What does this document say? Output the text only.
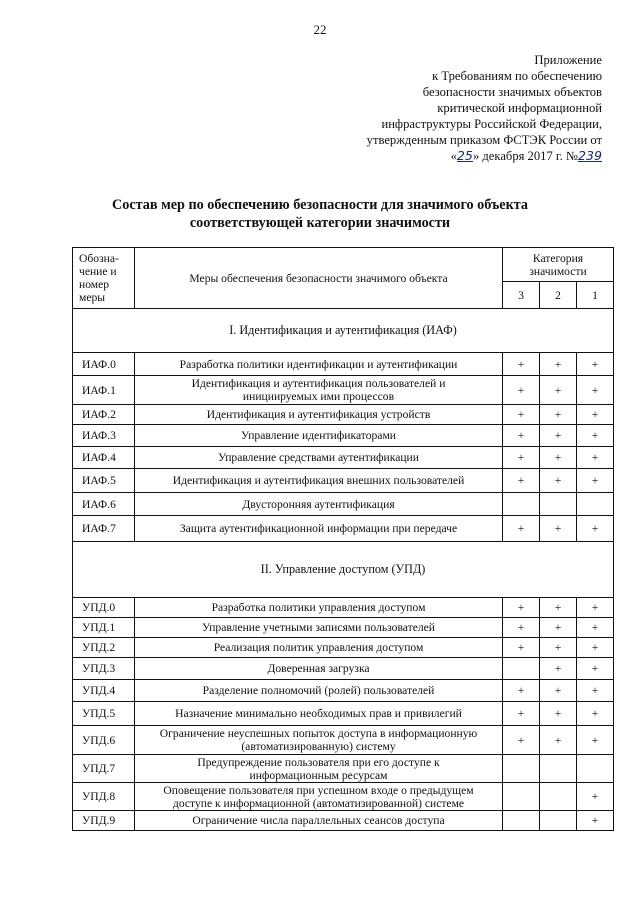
22
Приложение
к Требованиям по обеспечению
безопасности значимых объектов
критической информационной
инфраструктуры Российской Федерации,
утвержденным приказом ФСТЭК России от
«25» декабря 2017 г. №239
Состав мер по обеспечению безопасности для значимого объекта
соответствующей категории значимости
Обозна-
чение и
номер
меры	Меры обеспечения безопасности значимого объекта	Категория значимости		
		3	2	1
I. Идентификация и аутентификация (ИАФ)				
ИАФ.0	Разработка политики идентификации и аутентификации	+	+	+
ИАФ.1	Идентификация и аутентификация пользователей и
инициируемых ими процессов	+	+	+
ИАФ.2	Идентификация и аутентификация устройств	+	+	+
ИАФ.3	Управление идентификаторами	+	+	+
ИАФ.4	Управление средствами аутентификации	+	+	+
ИАФ.5	Идентификация и аутентификация внешних пользователей	+	+	+
ИАФ.6	Двусторонняя аутентификация			
ИАФ.7	Защита аутентификационной информации при передаче	+	+	+
II. Управление доступом (УПД)				
УПД.0	Разработка политики управления доступом	+	+	+
УПД.1	Управление учетными записями пользователей	+	+	+
УПД.2	Реализация политик управления доступом	+	+	+
УПД.3	Доверенная загрузка		+	+
УПД.4	Разделение полномочий (ролей) пользователей	+	+	+
УПД.5	Назначение минимально необходимых прав и привилегий	+	+	+
УПД.6	Ограничение неуспешных попыток доступа в информационную
(автоматизированную) систему	+	+	+
УПД.7	Предупреждение пользователя при его доступе к
информационным ресурсам			

УПД.8	Оповещение пользователя при успешном входе о предыдущем
доступе к информационной (автоматизированной) системе			+
УПД.9	Ограничение числа параллельных сеансов доступа			+
